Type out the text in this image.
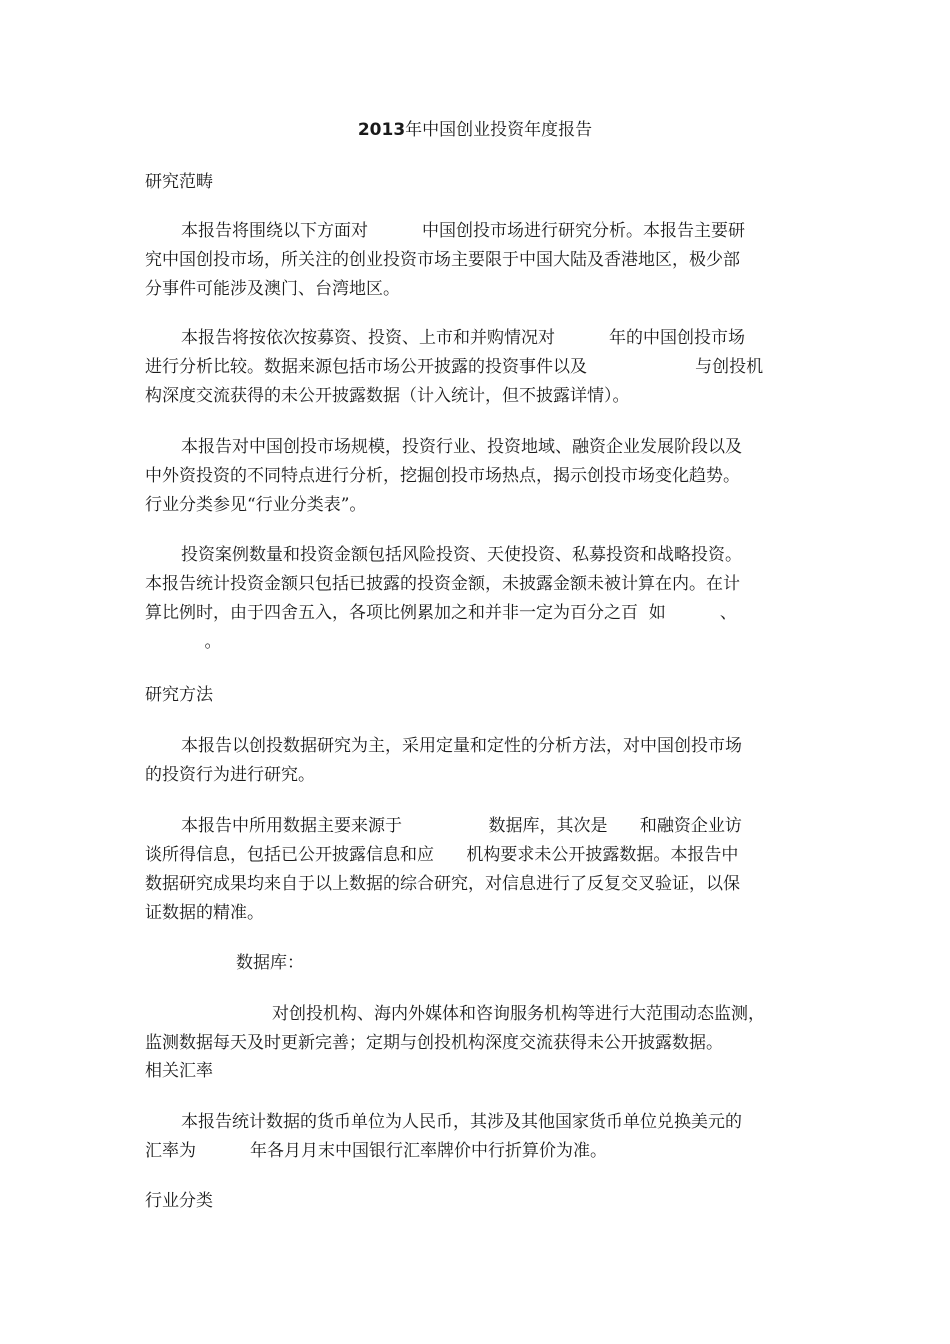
2013年中国创业投资年度报告
研究范畴
本报告将围绕以下方面对          中国创投市场进行研究分析。本报告主要研
究中国创投市场，所关注的创业投资市场主要限于中国大陆及香港地区，极少部
分事件可能涉及澳门、台湾地区。
本报告将按依次按募资、投资、上市和并购情况对          年的中国创投市场
进行分析比较。数据来源包括市场公开披露的投资事件以及                    与创投机
构深度交流获得的未公开披露数据（计入统计，但不披露详情）。
本报告对中国创投市场规模，投资行业、投资地域、融资企业发展阶段以及
中外资投资的不同特点进行分析，挖掘创投市场热点，揭示创投市场变化趋势。
行业分类参见“行业分类表”。
投资案例数量和投资金额包括风险投资、天使投资、私募投资和战略投资。
本报告统计投资金额只包括已披露的投资金额，未披露金额未被计算在内。在计
算比例时，由于四舍五入，各项比例累加之和并非一定为百分之百  如          、
。
研究方法
本报告以创投数据研究为主，采用定量和定性的分析方法，对中国创投市场
的投资行为进行研究。
本报告中所用数据主要来源于                数据库，其次是      和融资企业访
谈所得信息，包括已公开披露信息和应      机构要求未公开披露数据。本报告中
数据研究成果均来自于以上数据的综合研究，对信息进行了反复交叉验证，以保
证数据的精准。
数据库：
对创投机构、海内外媒体和咨询服务机构等进行大范围动态监测，
监测数据每天及时更新完善；定期与创投机构深度交流获得未公开披露数据。
相关汇率
本报告统计数据的货币单位为人民币，其涉及其他国家货币单位兑换美元的
汇率为          年各月月末中国银行汇率牌价中行折算价为准。
行业分类
